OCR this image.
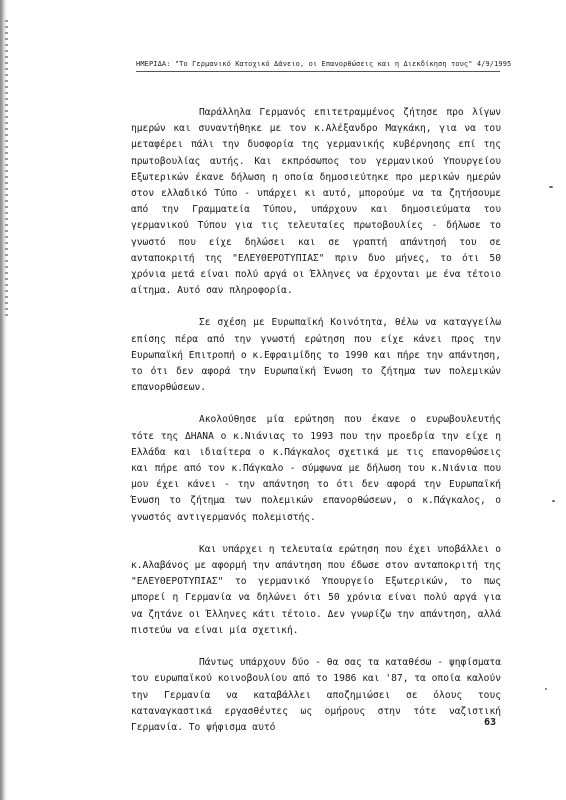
ΗΜΕΡΙΔΑ: "Το Γερμανικό Κατοχικό Δάνειο, οι Επανορθώσεις και η Διεκδίκηση τους" 4/9/1995

Παράλληλα Γερμανός επιτετραμμένος ζήτησε προ λίγων ημερών και συναντήθηκε με τον κ.Αλέξανδρο Μαγκάκη, για να του μεταφέρει πάλι την δυσφορία της γερμανικής κυβέρνησης επί της πρωτοβουλίας αυτής. Και εκπρόσωπος του γερμανικού Υπουργείου Εξωτερικών έκανε δήλωση η οποία δημοσιεύτηκε προ μερικών ημερών στον ελλαδικό Τύπο - υπάρχει κι αυτό, μπορούμε να τα ζητήσουμε από την Γραμματεία Τύπου, υπάρχουν και δημοσιεύματα του γερμανικού Τύπου για τις τελευταίες πρωτοβουλίες - δήλωσε το γνωστό που είχε δηλώσει και σε γραπτή απάντησή του σε ανταποκριτή της "ΕΛΕΥΘΕΡΟΤΥΠΙΑΣ" πριν δυο μήνες, το ότι 50 χρόνια μετά είναι πολύ αργά οι Έλληνες να έρχονται με ένα τέτοιο αίτημα. Αυτό σαν πληροφορία.

Σε σχέση με Ευρωπαϊκή Κοινότητα, θέλω να καταγγείλω επίσης πέρα από την γνωστή ερώτηση που είχε κάνει προς την Ευρωπαϊκή Επιτροπή ο κ.Εφραιμίδης το 1990 και πήρε την απάντηση, το ότι δεν αφορά την Ευρωπαϊκή Ένωση το ζήτημα των πολεμικών επανορθώσεων.

Ακολούθησε μία ερώτηση που έκανε ο ευρωβουλευτής τότε της ΔΗΑΝΑ ο κ.Νιάνιας το 1993 που την προεδρία την είχε η Ελλάδα και ιδιαίτερα ο κ.Πάγκαλος σχετικά με τις επανορθώσεις και πήρε από τον κ.Πάγκαλο - σύμφωνα με δήλωση του κ.Νιάνια που μου έχει κάνει - την απάντηση το ότι δεν αφορά την Ευρωπαϊκή Ένωση το ζήτημα των πολεμικών επανορθώσεων, ο κ.Πάγκαλος, ο γνωστός αντιγερμανός πολεμιστής.

Και υπάρχει η τελευταία ερώτηση που έχει υποβάλλει ο κ.Αλαβάνος με αφορμή την απάντηση που έδωσε στον ανταποκριτή της "ΕΛΕΥΘΕΡΟΤΥΠΙΑΣ" το γερμανικό Υπουργείο Εξωτερικών, το πως μπορεί η Γερμανία να δηλώνει ότι 50 χρόνια είναι πολύ αργά για να ζητάνε οι Έλληνες κάτι τέτοιο. Δεν γνωρίζω την απάντηση, αλλά πιστεύω να είναι μία σχετική.

Πάντως υπάρχουν δύο - θα σας τα καταθέσω - ψηφίσματα του ευρωπαϊκού κοινοβουλίου από το 1986 και '87, τα οποία καλούν την Γερμανία να καταβάλλει αποζημιώσει σε όλους τους καταναγκαστικά εργασθέντες ως ομήρους στην τότε ναζιστική Γερμανία. Το ψήφισμα αυτό	63
